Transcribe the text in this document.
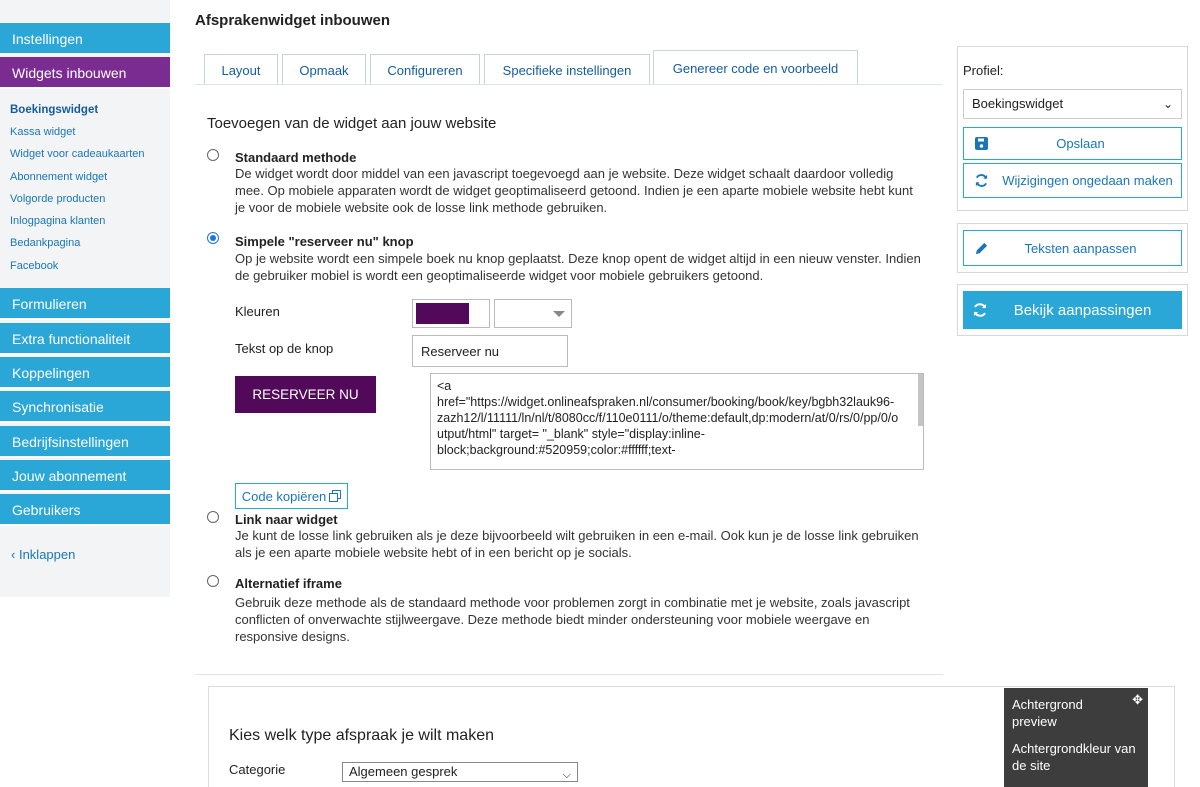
Instellingen
Widgets inbouwen
Boekingswidget
Kassa widget
Widget voor cadeaukaarten
Abonnement widget
Volgorde producten
Inlogpagina klanten
Bedankpagina
Facebook
Formulieren
Extra functionaliteit
Koppelingen
Synchronisatie
Bedrijfsinstellingen
Jouw abonnement
Gebruikers
‹ Inklappen
Afsprakenwidget inbouwen
Layout	Opmaak	Configureren	Specifieke instellingen	Genereer code en voorbeeld
Toevoegen van de widget aan jouw website
Standaard methode
De widget wordt door middel van een javascript toegevoegd aan je website. Deze widget schaalt daardoor volledig
mee. Op mobiele apparaten wordt de widget geoptimaliseerd getoond. Indien je een aparte mobiele website hebt kunt
je voor de mobiele website ook de losse link methode gebruiken.
Simpele "reserveer nu" knop
Op je website wordt een simpele boek nu knop geplaatst. Deze knop opent de widget altijd in een nieuw venster. Indien
de gebruiker mobiel is wordt een geoptimaliseerde widget voor mobiele gebruikers getoond.
Kleuren
Tekst op de knop
Reserveer nu
RESERVEER NU
<a
href="https://widget.onlineafspraken.nl/consumer/booking/book/key/bgbh32lauk96-
zazh12/l/11111/ln/nl/t/8080cc/f/110e0111/o/theme:default,dp:modern/at/0/rs/0/pp/0/o
utput/html" target= "_blank" style="display:inline-
block;background:#520959;color:#ffffff;text-
Code kopiëren
Link naar widget
Je kunt de losse link gebruiken als je deze bijvoorbeeld wilt gebruiken in een e-mail. Ook kun je de losse link gebruiken
als je een aparte mobiele website hebt of in een bericht op je socials.
Alternatief iframe
Gebruik deze methode als de standaard methode voor problemen zorgt in combinatie met je website, zoals javascript
conflicten of onverwachte stijlweergave. Deze methode biedt minder ondersteuning voor mobiele weergave en
responsive designs.
Kies welk type afspraak je wilt maken
Categorie	Algemeen gesprek	⌵
✥
Achtergrond
preview
Achtergrondkleur van
de site
Profiel:
Boekingswidget	⌄
Opslaan
Wijzigingen ongedaan maken
Teksten aanpassen
Bekijk aanpassingen
